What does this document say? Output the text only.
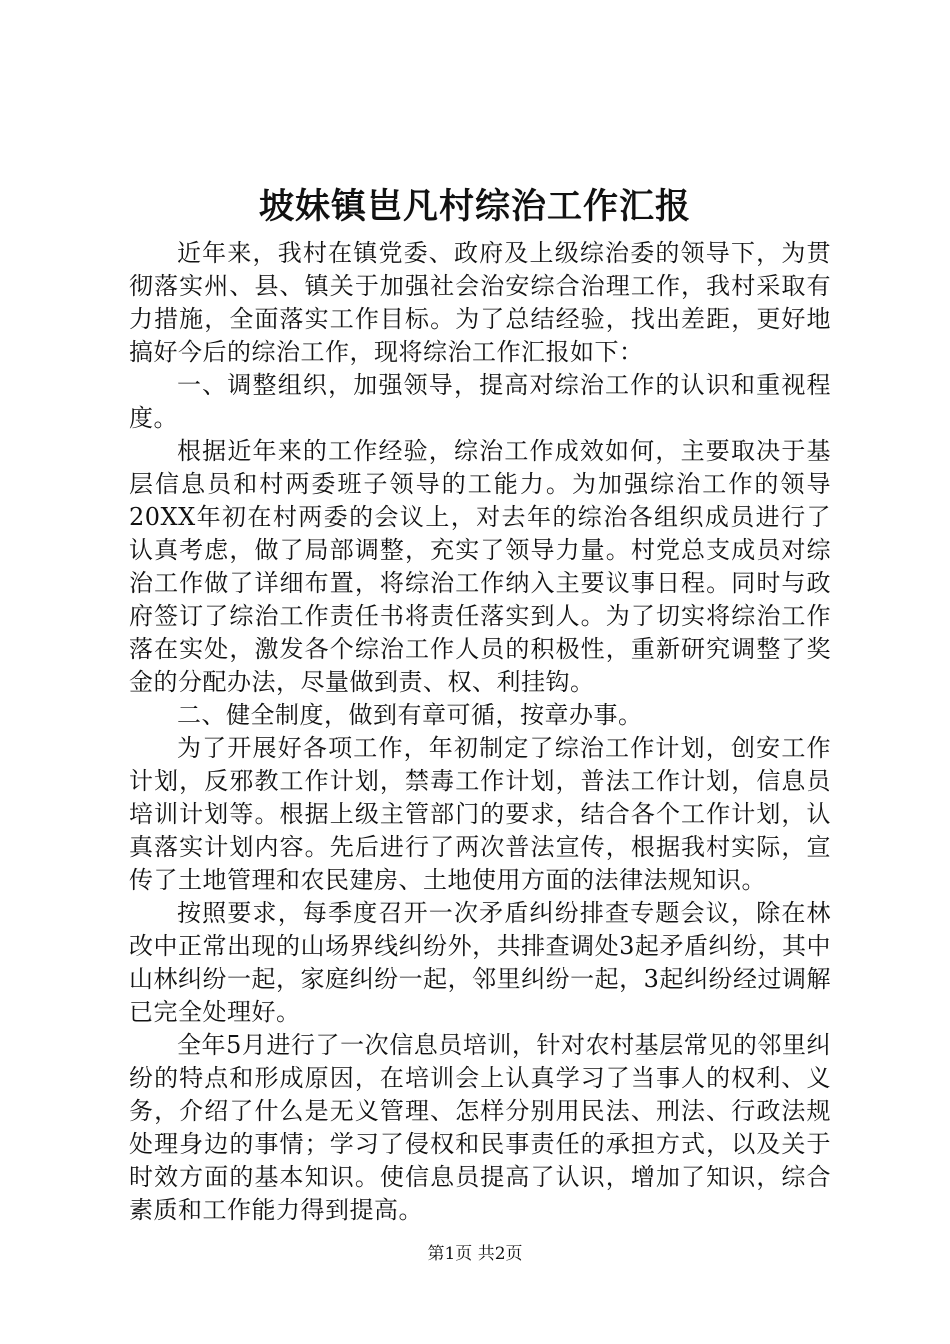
坡妹镇岜凡村综治工作汇报

近年来，我村在镇党委、政府及上级综治委的领导下，为贯彻落实州、县、镇关于加强社会治安综合治理工作，我村采取有力措施，全面落实工作目标。为了总结经验，找出差距，更好地搞好今后的综治工作，现将综治工作汇报如下：

一、调整组织，加强领导，提高对综治工作的认识和重视程度。

根据近年来的工作经验，综治工作成效如何，主要取决于基层信息员和村两委班子领导的工能力。为加强综治工作的领导20XX年初在村两委的会议上，对去年的综治各组织成员进行了认真考虑，做了局部调整，充实了领导力量。村党总支成员对综治工作做了详细布置，将综治工作纳入主要议事日程。同时与政府签订了综治工作责任书将责任落实到人。为了切实将综治工作落在实处，激发各个综治工作人员的积极性，重新研究调整了奖金的分配办法，尽量做到责、权、利挂钩。

二、健全制度，做到有章可循，按章办事。

为了开展好各项工作，年初制定了综治工作计划，创安工作计划，反邪教工作计划，禁毒工作计划，普法工作计划，信息员培训计划等。根据上级主管部门的要求，结合各个工作计划，认真落实计划内容。先后进行了两次普法宣传，根据我村实际，宣传了土地管理和农民建房、土地使用方面的法律法规知识。

按照要求，每季度召开一次矛盾纠纷排查专题会议，除在林改中正常出现的山场界线纠纷外，共排查调处3起矛盾纠纷，其中山林纠纷一起，家庭纠纷一起，邻里纠纷一起，3起纠纷经过调解已完全处理好。

全年5月进行了一次信息员培训，针对农村基层常见的邻里纠纷的特点和形成原因，在培训会上认真学习了当事人的权利、义务，介绍了什么是无义管理、怎样分别用民法、刑法、行政法规处理身边的事情；学习了侵权和民事责任的承担方式，以及关于时效方面的基本知识。使信息员提高了认识，增加了知识，综合素质和工作能力得到提高。

第1页 共2页
